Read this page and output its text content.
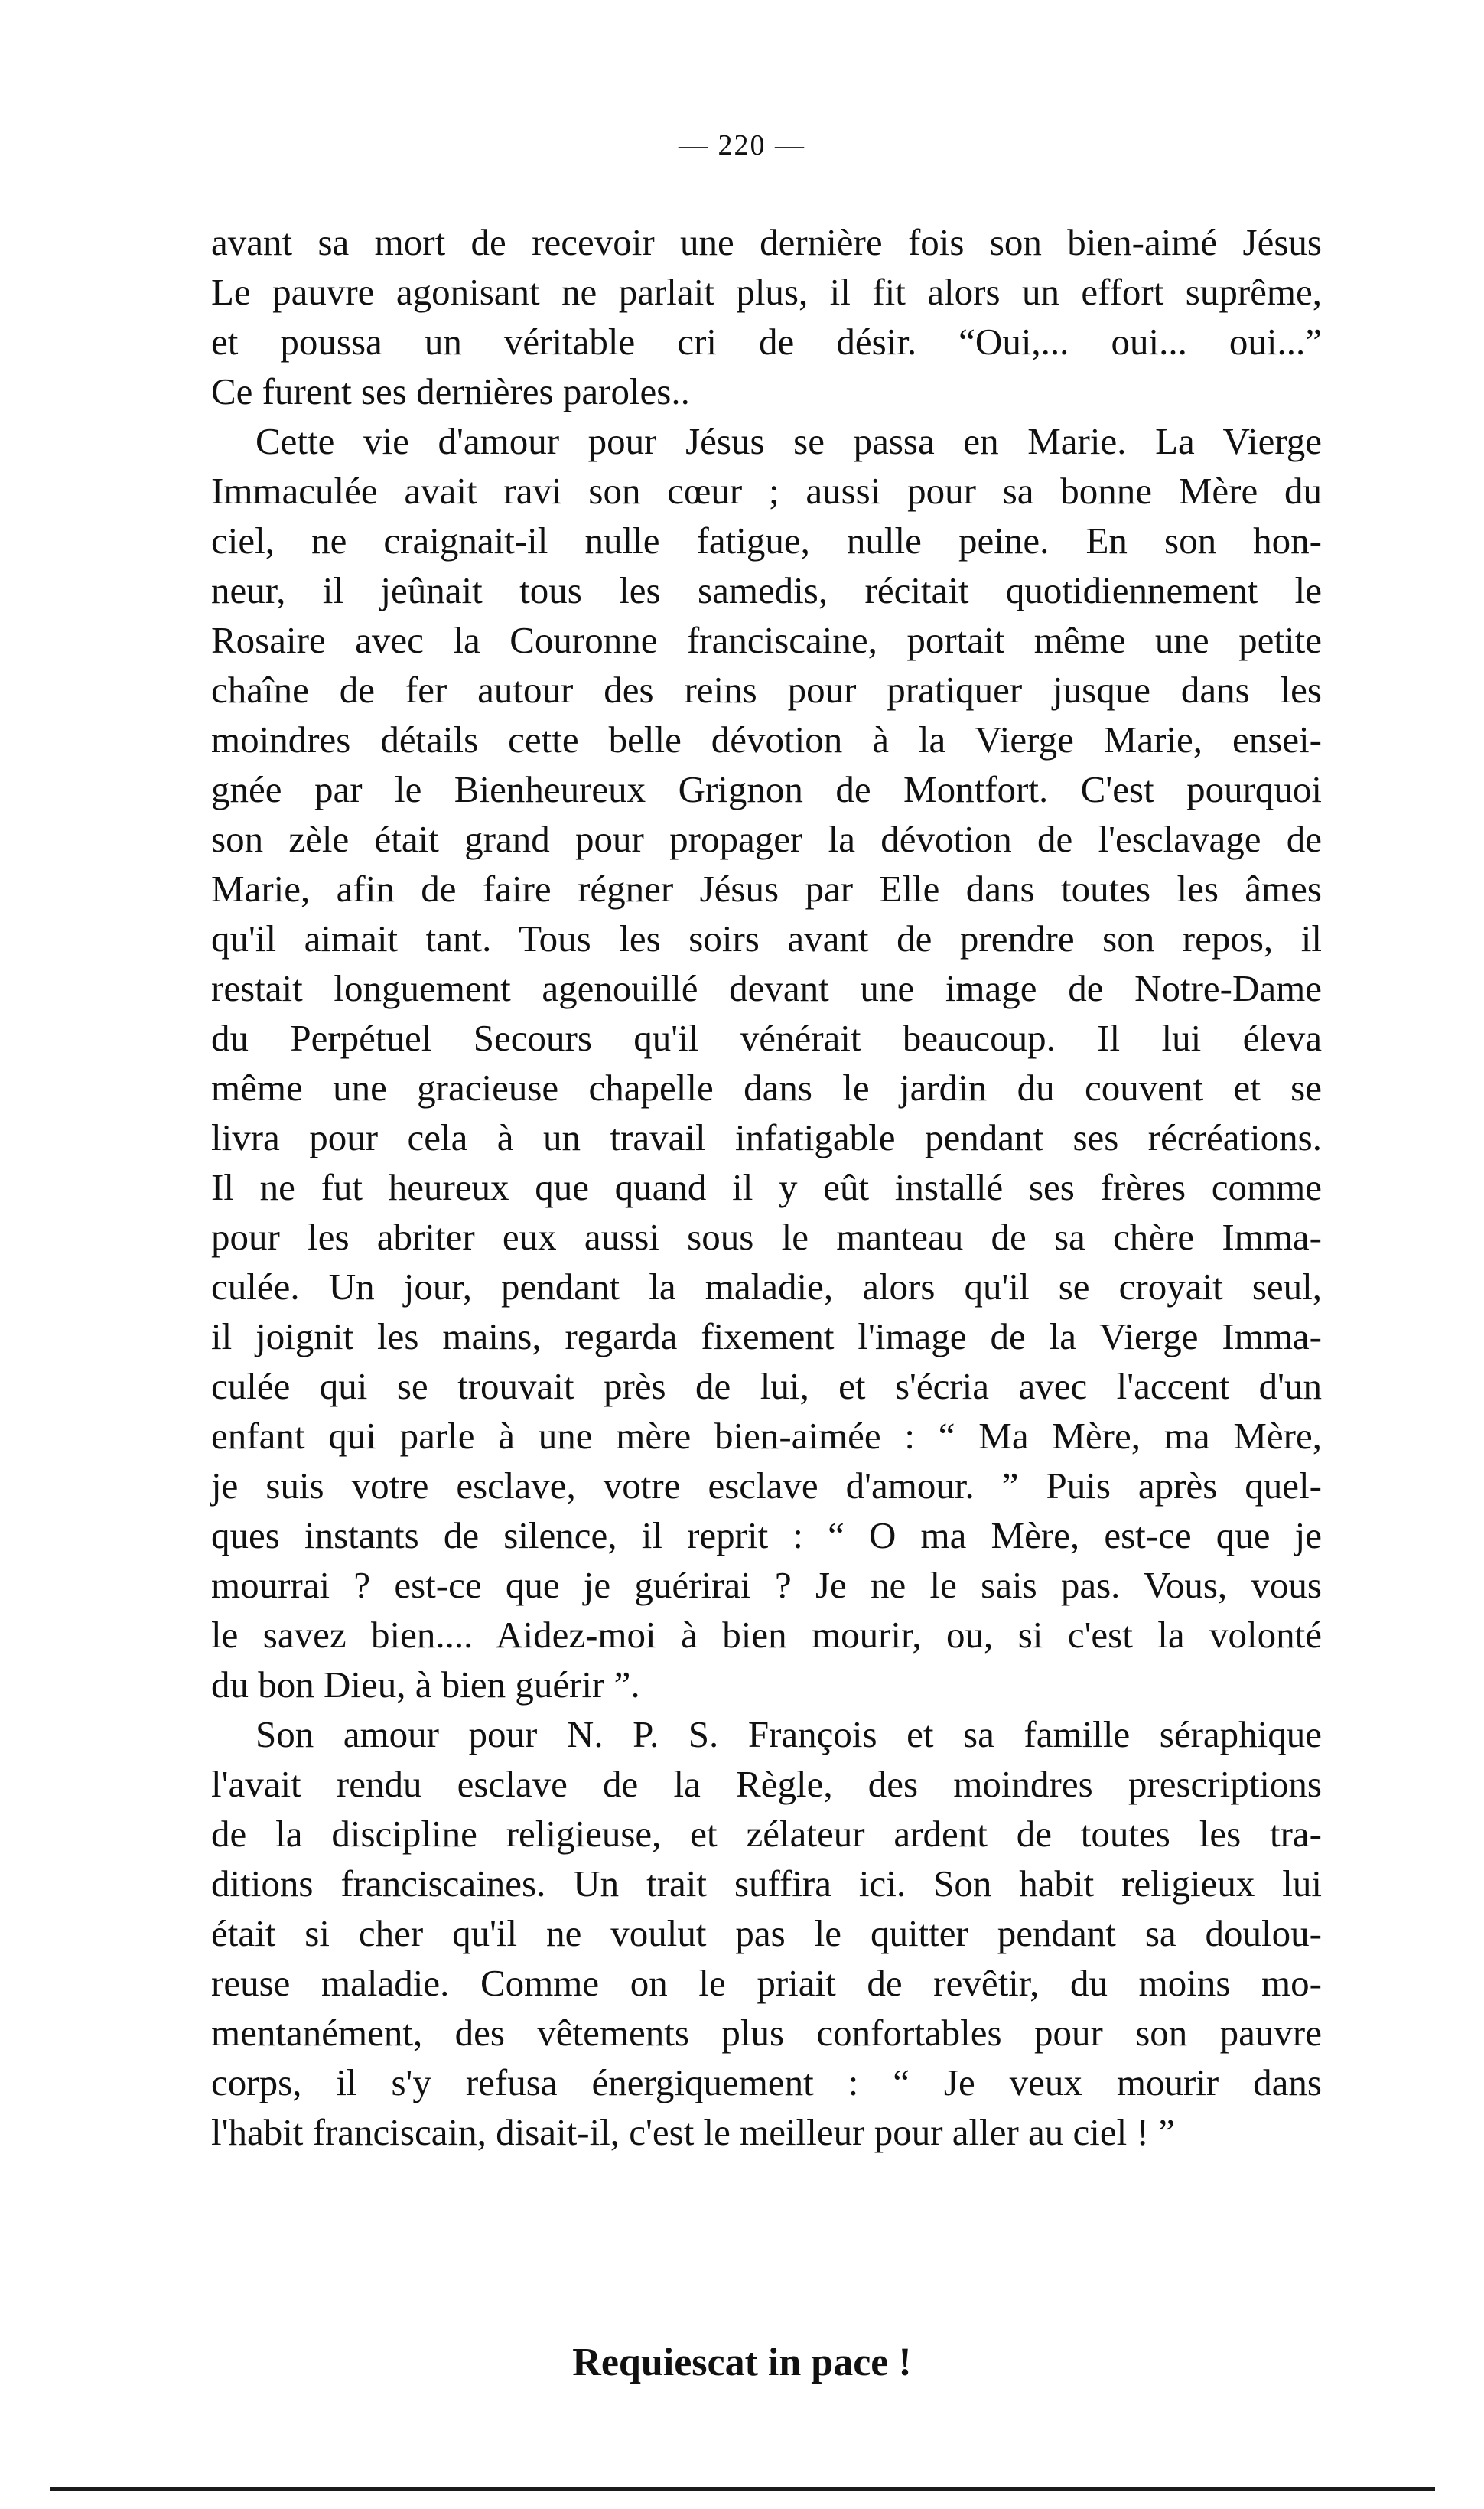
— 220 —
avant sa mort de recevoir une dernière fois son bien-aimé Jésus
Le pauvre agonisant ne parlait plus, il fit alors un effort suprême,
et poussa un véritable cri de désir. “Oui,... oui... oui...”
Ce furent ses dernières paroles..
Cette vie d'amour pour Jésus se passa en Marie. La Vierge
Immaculée avait ravi son cœur ; aussi pour sa bonne Mère du
ciel, ne craignait-il nulle fatigue, nulle peine. En son hon-
neur, il jeûnait tous les samedis, récitait quotidiennement le
Rosaire avec la Couronne franciscaine, portait même une petite
chaîne de fer autour des reins pour pratiquer jusque dans les
moindres détails cette belle dévotion à la Vierge Marie, ensei-
gnée par le Bienheureux Grignon de Montfort. C'est pourquoi
son zèle était grand pour propager la dévotion de l'esclavage de
Marie, afin de faire régner Jésus par Elle dans toutes les âmes
qu'il aimait tant. Tous les soirs avant de prendre son repos, il
restait longuement agenouillé devant une image de Notre-Dame
du Perpétuel Secours qu'il vénérait beaucoup. Il lui éleva
même une gracieuse chapelle dans le jardin du couvent et se
livra pour cela à un travail infatigable pendant ses récréations.
Il ne fut heureux que quand il y eût installé ses frères comme
pour les abriter eux aussi sous le manteau de sa chère Imma-
culée. Un jour, pendant la maladie, alors qu'il se croyait seul,
il joignit les mains, regarda fixement l'image de la Vierge Imma-
culée qui se trouvait près de lui, et s'écria avec l'accent d'un
enfant qui parle à une mère bien-aimée : “ Ma Mère, ma Mère,
je suis votre esclave, votre esclave d'amour. ” Puis après quel-
ques instants de silence, il reprit : “ O ma Mère, est-ce que je
mourrai ? est-ce que je guérirai ? Je ne le sais pas. Vous, vous
le savez bien.... Aidez-moi à bien mourir, ou, si c'est la volonté
du bon Dieu, à bien guérir ”.
Son amour pour N. P. S. François et sa famille séraphique
l'avait rendu esclave de la Règle, des moindres prescriptions
de la discipline religieuse, et zélateur ardent de toutes les tra-
ditions franciscaines. Un trait suffira ici. Son habit religieux lui
était si cher qu'il ne voulut pas le quitter pendant sa doulou-
reuse maladie. Comme on le priait de revêtir, du moins mo-
mentanément, des vêtements plus confortables pour son pauvre
corps, il s'y refusa énergiquement : “ Je veux mourir dans
l'habit franciscain, disait-il, c'est le meilleur pour aller au ciel ! ”
Requiescat in pace !
